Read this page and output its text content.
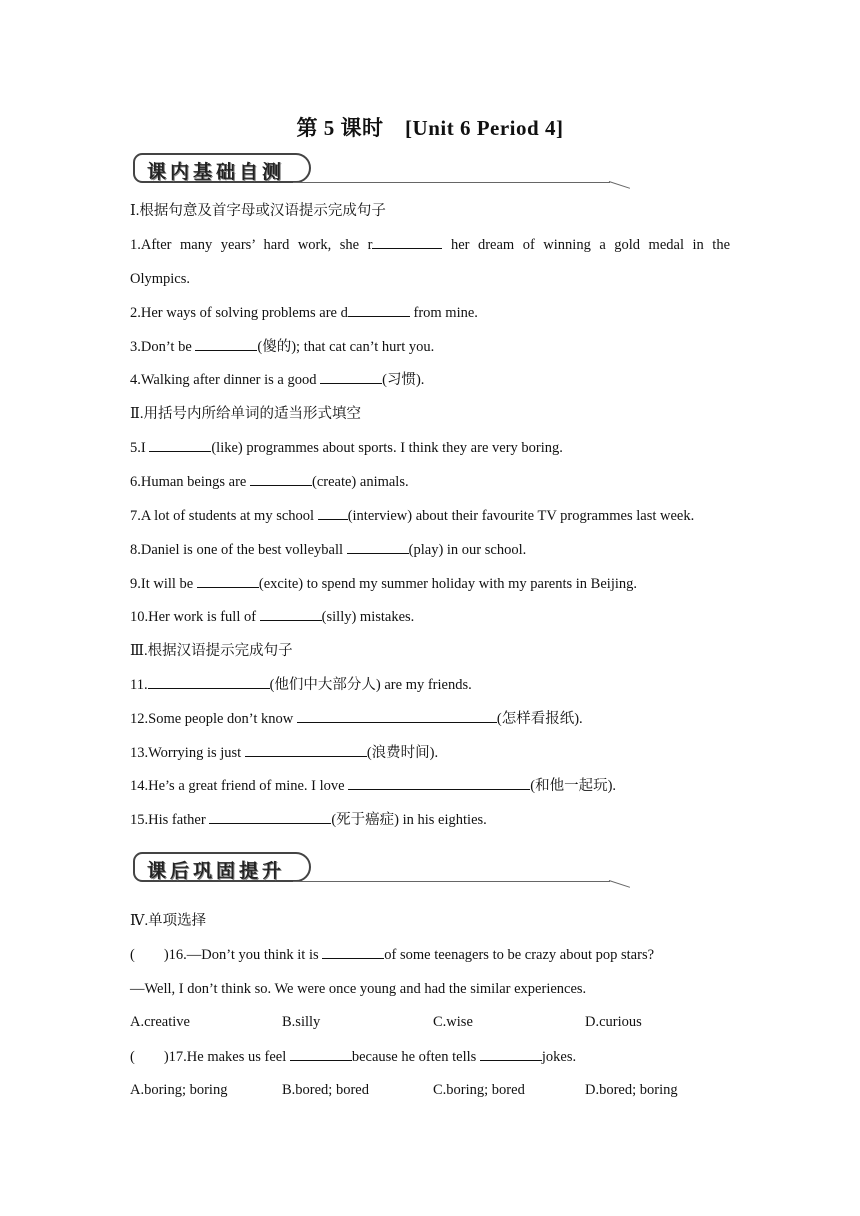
第 5 课时　[Unit 6 Period 4]
课内基础自测
Ⅰ.根据句意及首字母或汉语提示完成句子
1.After many years’ hard work, she r	her dream of winning a gold medal in the
Olympics.
2.Her ways of solving problems are d	from mine.
3.Don’t be	(傻的); that cat can’t hurt you.
4.Walking after dinner is a good	(习惯).
Ⅱ.用括号内所给单词的适当形式填空
5.I	(like) programmes about sports. I think they are very boring.
6.Human beings are	(create) animals.
7.A lot of students at my school (interview) about their favourite TV programmes last week.
8.Daniel is one of the best volleyball	(play) in our school.
9.It will be	(excite) to spend my summer holiday with my parents in Beijing.
10.Her work is full of	(silly) mistakes.
Ⅲ.根据汉语提示完成句子
11.	(他们中大部分人) are my friends.
12.Some people don’t know	(怎样看报纸).
13.Worrying is just	(浪费时间).
14.He’s a great friend of mine. I love	(和他一起玩).
15.His father	(死于癌症) in his eighties.
课后巩固提升
Ⅳ.单项选择
(　　)16.—Don’t you think it is	of some teenagers to be crazy about pop stars?
—Well, I don’t think so. We were once young and had the similar experiences.
A.creative	B.silly	C.wise	D.curious
(　　)17.He makes us feel	because he often tells	jokes.
A.boring; boring	B.bored; bored	C.boring; bored	D.bored; boring
